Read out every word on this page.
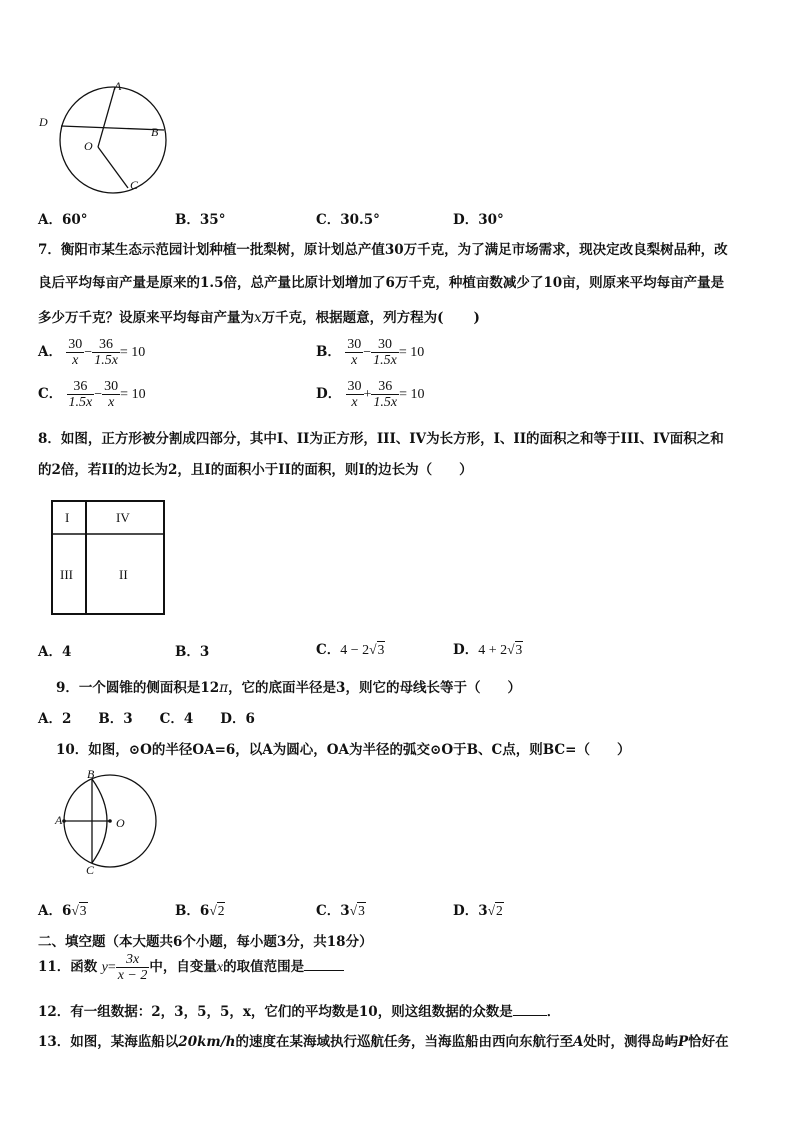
A
D
B
O
C
A．60°	B．35°	C．30.5°	D．30°
7．衡阳市某生态示范园计划种植一批梨树，原计划总产值30万千克，为了满足市场需求，现决定改良梨树品种，改
良后平均每亩产量是原来的1.5倍，总产量比原计划增加了6万千克，种植亩数减少了10亩，则原来平均每亩产量是
多少万千克？设原来平均每亩产量为x万千克，根据题意，列方程为( )
A． $\frac{30}{x} - \frac{36}{1.5x} = 10$	B． $\frac{30}{x} - \frac{30}{1.5x} = 10$
C． $\frac{36}{1.5x} - \frac{30}{x} = 10$	D． $\frac{30}{x} + \frac{36}{1.5x} = 10$
8．如图，正方形被分割成四部分，其中I、II为正方形，III、IV为长方形，I、II的面积之和等于III、IV面积之和
的2倍，若II的边长为2，且I的面积小于II的面积，则I的边长为（　　）
I	IV
III	II
A．4	B．3	C．4 − 2√3	D．4 + 2√3
9．一个圆锥的侧面积是12π，它的底面半径是3，则它的母线长等于（　　）
A．2　　B．3　　C．4　　D．6
10．如图，⊙O的半径OA=6，以A为圆心，OA为半径的弧交⊙O于B、C点，则BC=（　　）
B
A	O
C
A．6√3	B．6√2	C．3√3	D．3√2
二、填空题（本大题共6个小题，每小题3分，共18分）
11．函数 $y= \frac{3x}{x - 2}$ 中，自变量x的取值范围是
12．有一组数据：2，3，5，5，x，它们的平均数是10，则这组数据的众数是	．
13．如图，某海监船以20km/h的速度在某海域执行巡航任务，当海监船由西向东航行至A处时，测得岛屿P恰好在
